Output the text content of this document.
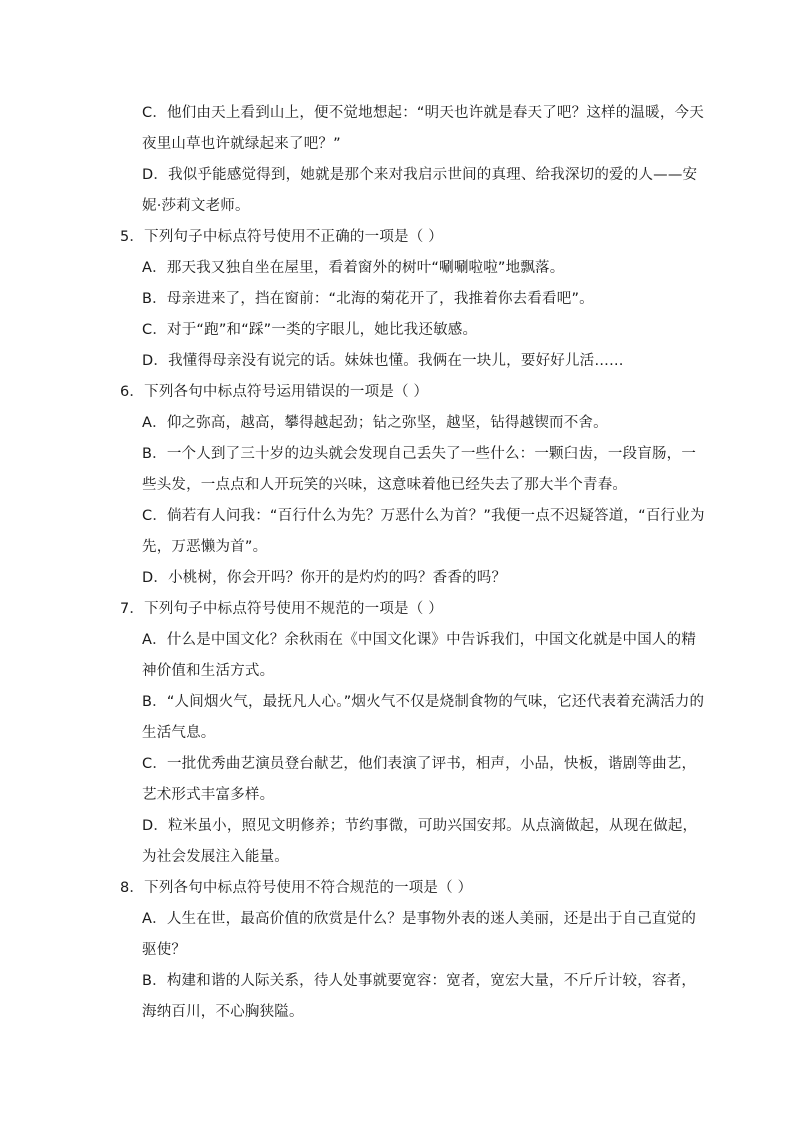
C．他们由天上看到山上，便不觉地想起：“明天也许就是春天了吧？这样的温暖，今天
夜里山草也许就绿起来了吧？”
D．我似乎能感觉得到，她就是那个来对我启示世间的真理、给我深切的爱的人——安
妮·莎莉文老师。
5．下列句子中标点符号使用不正确的一项是（ ）
A．那天我又独自坐在屋里，看着窗外的树叶“唰唰啦啦”地飘落。
B．母亲进来了，挡在窗前：“北海的菊花开了，我推着你去看看吧”。
C．对于“跑”和“踩”一类的字眼儿，她比我还敏感。
D．我懂得母亲没有说完的话。妹妹也懂。我俩在一块儿，要好好儿活……
6．下列各句中标点符号运用错误的一项是（ ）
A．仰之弥高，越高，攀得越起劲；钻之弥坚，越坚，钻得越锲而不舍。
B．一个人到了三十岁的边头就会发现自己丢失了一些什么：一颗臼齿，一段盲肠，一
些头发，一点点和人开玩笑的兴味，这意味着他已经失去了那大半个青春。
C．倘若有人问我：“百行什么为先？万恶什么为首？”我便一点不迟疑答道，“百行业为
先，万恶懒为首”。
D．小桃树，你会开吗？你开的是灼灼的吗？香香的吗？
7．下列句子中标点符号使用不规范的一项是（ ）
A．什么是中国文化？余秋雨在《中国文化课》中告诉我们，中国文化就是中国人的精
神价值和生活方式。
B．“人间烟火气，最抚凡人心。”烟火气不仅是烧制食物的气味，它还代表着充满活力的
生活气息。
C．一批优秀曲艺演员登台献艺，他们表演了评书，相声，小品，快板，谐剧等曲艺，
艺术形式丰富多样。
D．粒米虽小，照见文明修养；节约事微，可助兴国安邦。从点滴做起，从现在做起，
为社会发展注入能量。
8．下列各句中标点符号使用不符合规范的一项是（ ）
A．人生在世，最高价值的欣赏是什么？是事物外表的迷人美丽，还是出于自己直觉的
驱使？
B．构建和谐的人际关系，待人处事就要宽容：宽者，宽宏大量，不斤斤计较，容者，
海纳百川，不心胸狭隘。
